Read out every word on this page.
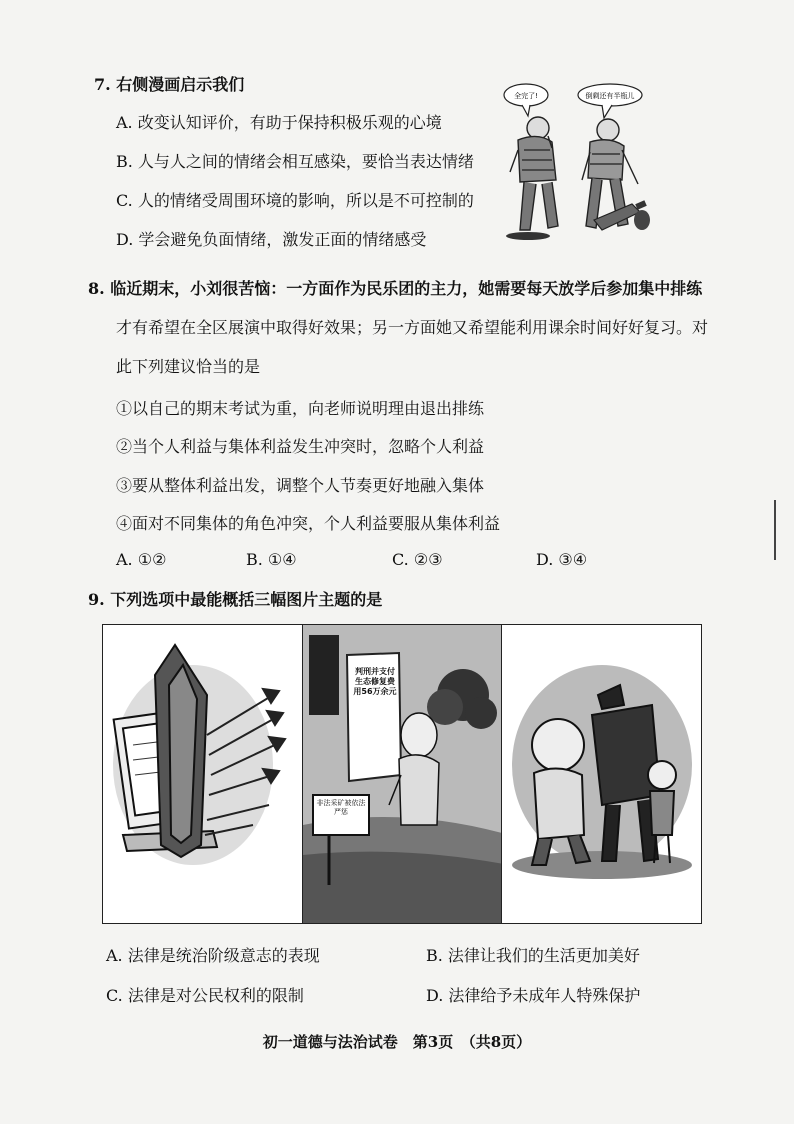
7. 右侧漫画启示我们
A. 改变认知评价，有助于保持积极乐观的心境
B. 人与人之间的情绪会相互感染，要恰当表达情绪
C. 人的情绪受周围环境的影响，所以是不可控制的
D. 学会避免负面情绪，激发正面的情绪感受
全完了!	倒剩还有半瓶儿
8. 临近期末，小刘很苦恼：一方面作为民乐团的主力，她需要每天放学后参加集中排练
才有希望在全区展演中取得好效果；另一方面她又希望能利用课余时间好好复习。对
此下列建议恰当的是
①以自己的期末考试为重，向老师说明理由退出排练
②当个人利益与集体利益发生冲突时，忽略个人利益
③要从整体利益出发，调整个人节奏更好地融入集体
④面对不同集体的角色冲突，个人利益要服从集体利益
A. ①②	B. ①④	C. ②③	D. ③④
9. 下列选项中最能概括三幅图片主题的是
判刑并支付生态修复费用56万余元
非法采矿被依法严惩
A. 法律是统治阶级意志的表现	B. 法律让我们的生活更加美好
C. 法律是对公民权利的限制	D. 法律给予未成年人特殊保护
初一道德与法治试卷　第3页　（共8页）
